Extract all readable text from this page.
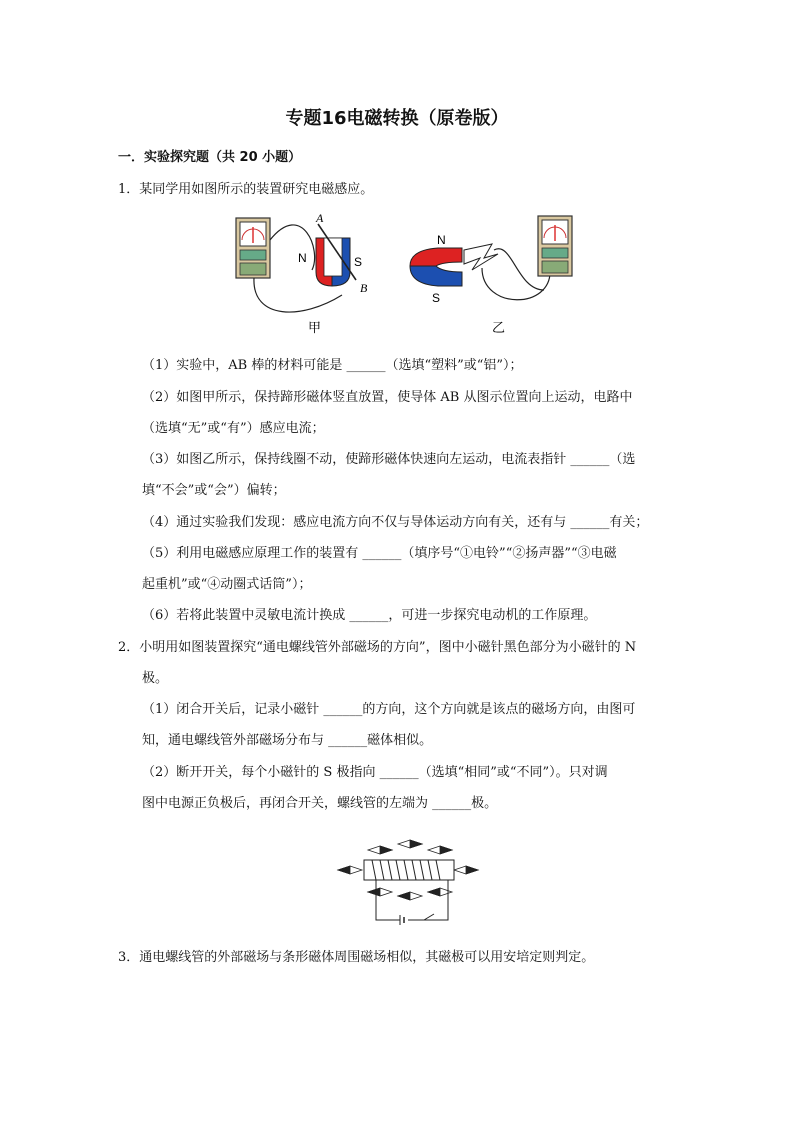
专题16电磁转换（原卷版）
一．实验探究题（共 20 小题）
1．某同学用如图所示的装置研究电磁感应。
A
B
N	S
甲
N
S
乙
（1）实验中，AB 棒的材料可能是 ______（选填“塑料”或“铝”）；
（2）如图甲所示，保持蹄形磁体竖直放置，使导体 AB 从图示位置向上运动，电路中
（选填“无”或“有”）感应电流；
（3）如图乙所示，保持线圈不动，使蹄形磁体快速向左运动，电流表指针 ______（选
填“不会”或“会”）偏转；
（4）通过实验我们发现：感应电流方向不仅与导体运动方向有关，还有与 ______有关；
（5）利用电磁感应原理工作的装置有 ______（填序号“①电铃”“②扬声器”“③电磁
起重机”或“④动圈式话筒”）；
（6）若将此装置中灵敏电流计换成 ______，可进一步探究电动机的工作原理。
2．小明用如图装置探究“通电螺线管外部磁场的方向”，图中小磁针黑色部分为小磁针的 N
极。
（1）闭合开关后，记录小磁针 ______的方向，这个方向就是该点的磁场方向，由图可
知，通电螺线管外部磁场分布与 ______磁体相似。
（2）断开开关，每个小磁针的 S 极指向 ______（选填“相同”或“不同”）。只对调
图中电源正负极后，再闭合开关，螺线管的左端为 ______极。
3．通电螺线管的外部磁场与条形磁体周围磁场相似，其磁极可以用安培定则判定。
